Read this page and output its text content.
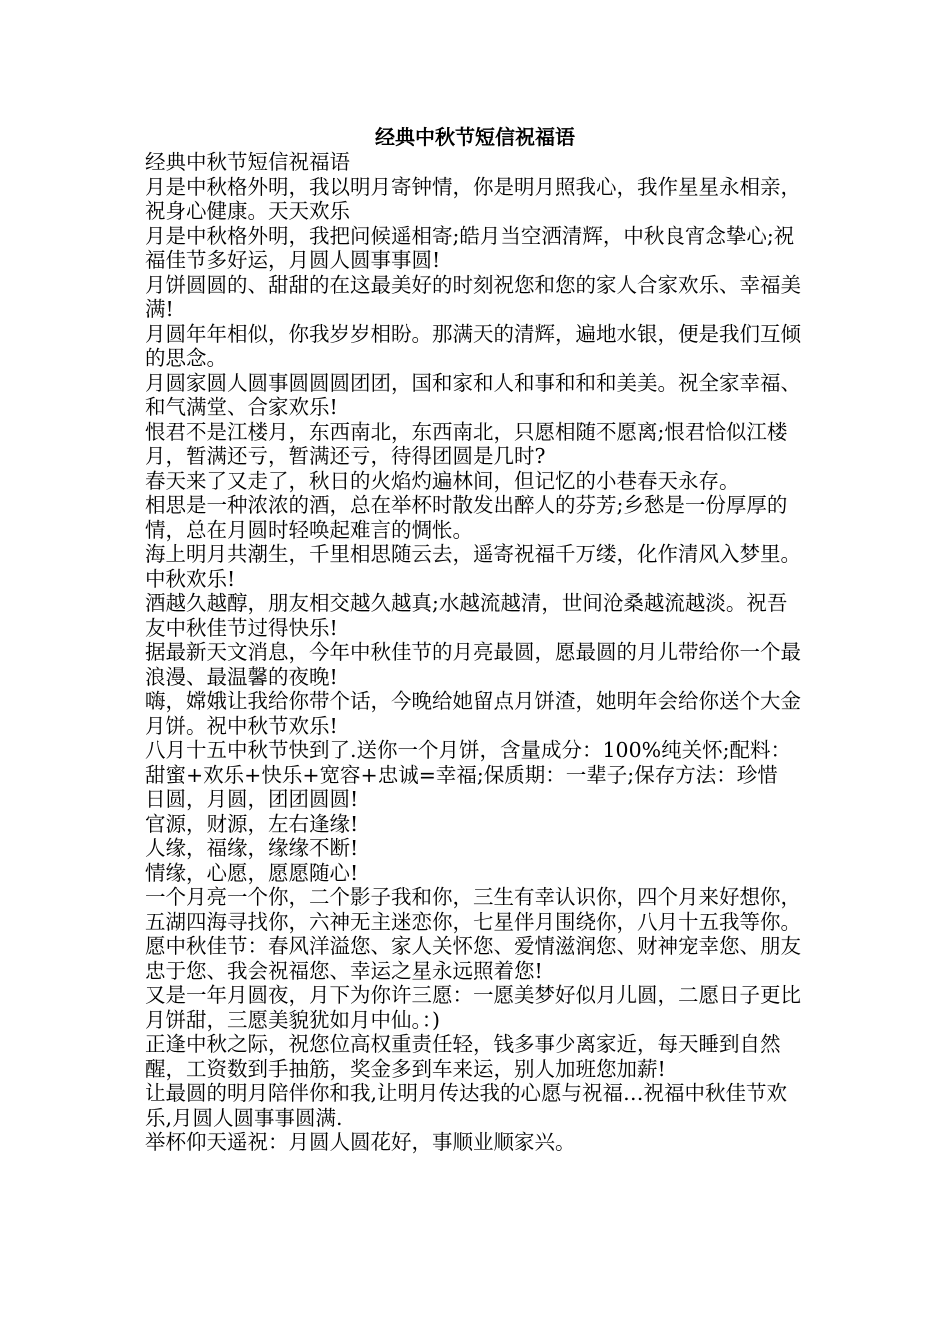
经典中秋节短信祝福语

经典中秋节短信祝福语

月是中秋格外明，我以明月寄钟情，你是明月照我心，我作星星永相亲，祝身心健康。天天欢乐

月是中秋格外明，我把问候遥相寄;皓月当空洒清辉，中秋良宵念挚心;祝福佳节多好运，月圆人圆事事圆!

月饼圆圆的、甜甜的在这最美好的时刻祝您和您的家人合家欢乐、幸福美满!

月圆年年相似，你我岁岁相盼。那满天的清辉，遍地水银，便是我们互倾的思念。

月圆家圆人圆事圆圆圆团团，国和家和人和事和和和美美。祝全家幸福、和气满堂、合家欢乐!

恨君不是江楼月，东西南北，东西南北，只愿相随不愿离;恨君恰似江楼月，暂满还亏，暂满还亏，待得团圆是几时?

春天来了又走了，秋日的火焰灼遍林间，但记忆的小巷春天永存。

相思是一种浓浓的酒，总在举杯时散发出醉人的芬芳;乡愁是一份厚厚的情，总在月圆时轻唤起难言的惆怅。

海上明月共潮生，千里相思随云去，遥寄祝福千万缕，化作清风入梦里。中秋欢乐!

酒越久越醇，朋友相交越久越真;水越流越清，世间沧桑越流越淡。祝吾友中秋佳节过得快乐!

据最新天文消息，今年中秋佳节的月亮最圆，愿最圆的月儿带给你一个最浪漫、最温馨的夜晚!

嗨，嫦娥让我给你带个话，今晚给她留点月饼渣，她明年会给你送个大金月饼。祝中秋节欢乐!

八月十五中秋节快到了.送你一个月饼，含量成分：100%纯关怀;配料：甜蜜+欢乐+快乐+宽容+忠诚=幸福;保质期：一辈子;保存方法：珍惜

日圆，月圆，团团圆圆!

官源，财源，左右逢缘!

人缘，福缘，缘缘不断!

情缘，心愿，愿愿随心!

一个月亮一个你，二个影子我和你，三生有幸认识你，四个月来好想你，五湖四海寻找你，六神无主迷恋你，七星伴月围绕你，八月十五我等你。

愿中秋佳节：春风洋溢您、家人关怀您、爱情滋润您、财神宠幸您、朋友忠于您、我会祝福您、幸运之星永远照着您!

又是一年月圆夜，月下为你许三愿：一愿美梦好似月儿圆，二愿日子更比月饼甜，三愿美貌犹如月中仙。：)

正逢中秋之际，祝您位高权重责任轻，钱多事少离家近，每天睡到自然醒，工资数到手抽筋，奖金多到车来运，别人加班您加薪!

让最圆的明月陪伴你和我,让明月传达我的心愿与祝福…祝福中秋佳节欢乐,月圆人圆事事圆满.

举杯仰天遥祝：月圆人圆花好，事顺业顺家兴。
